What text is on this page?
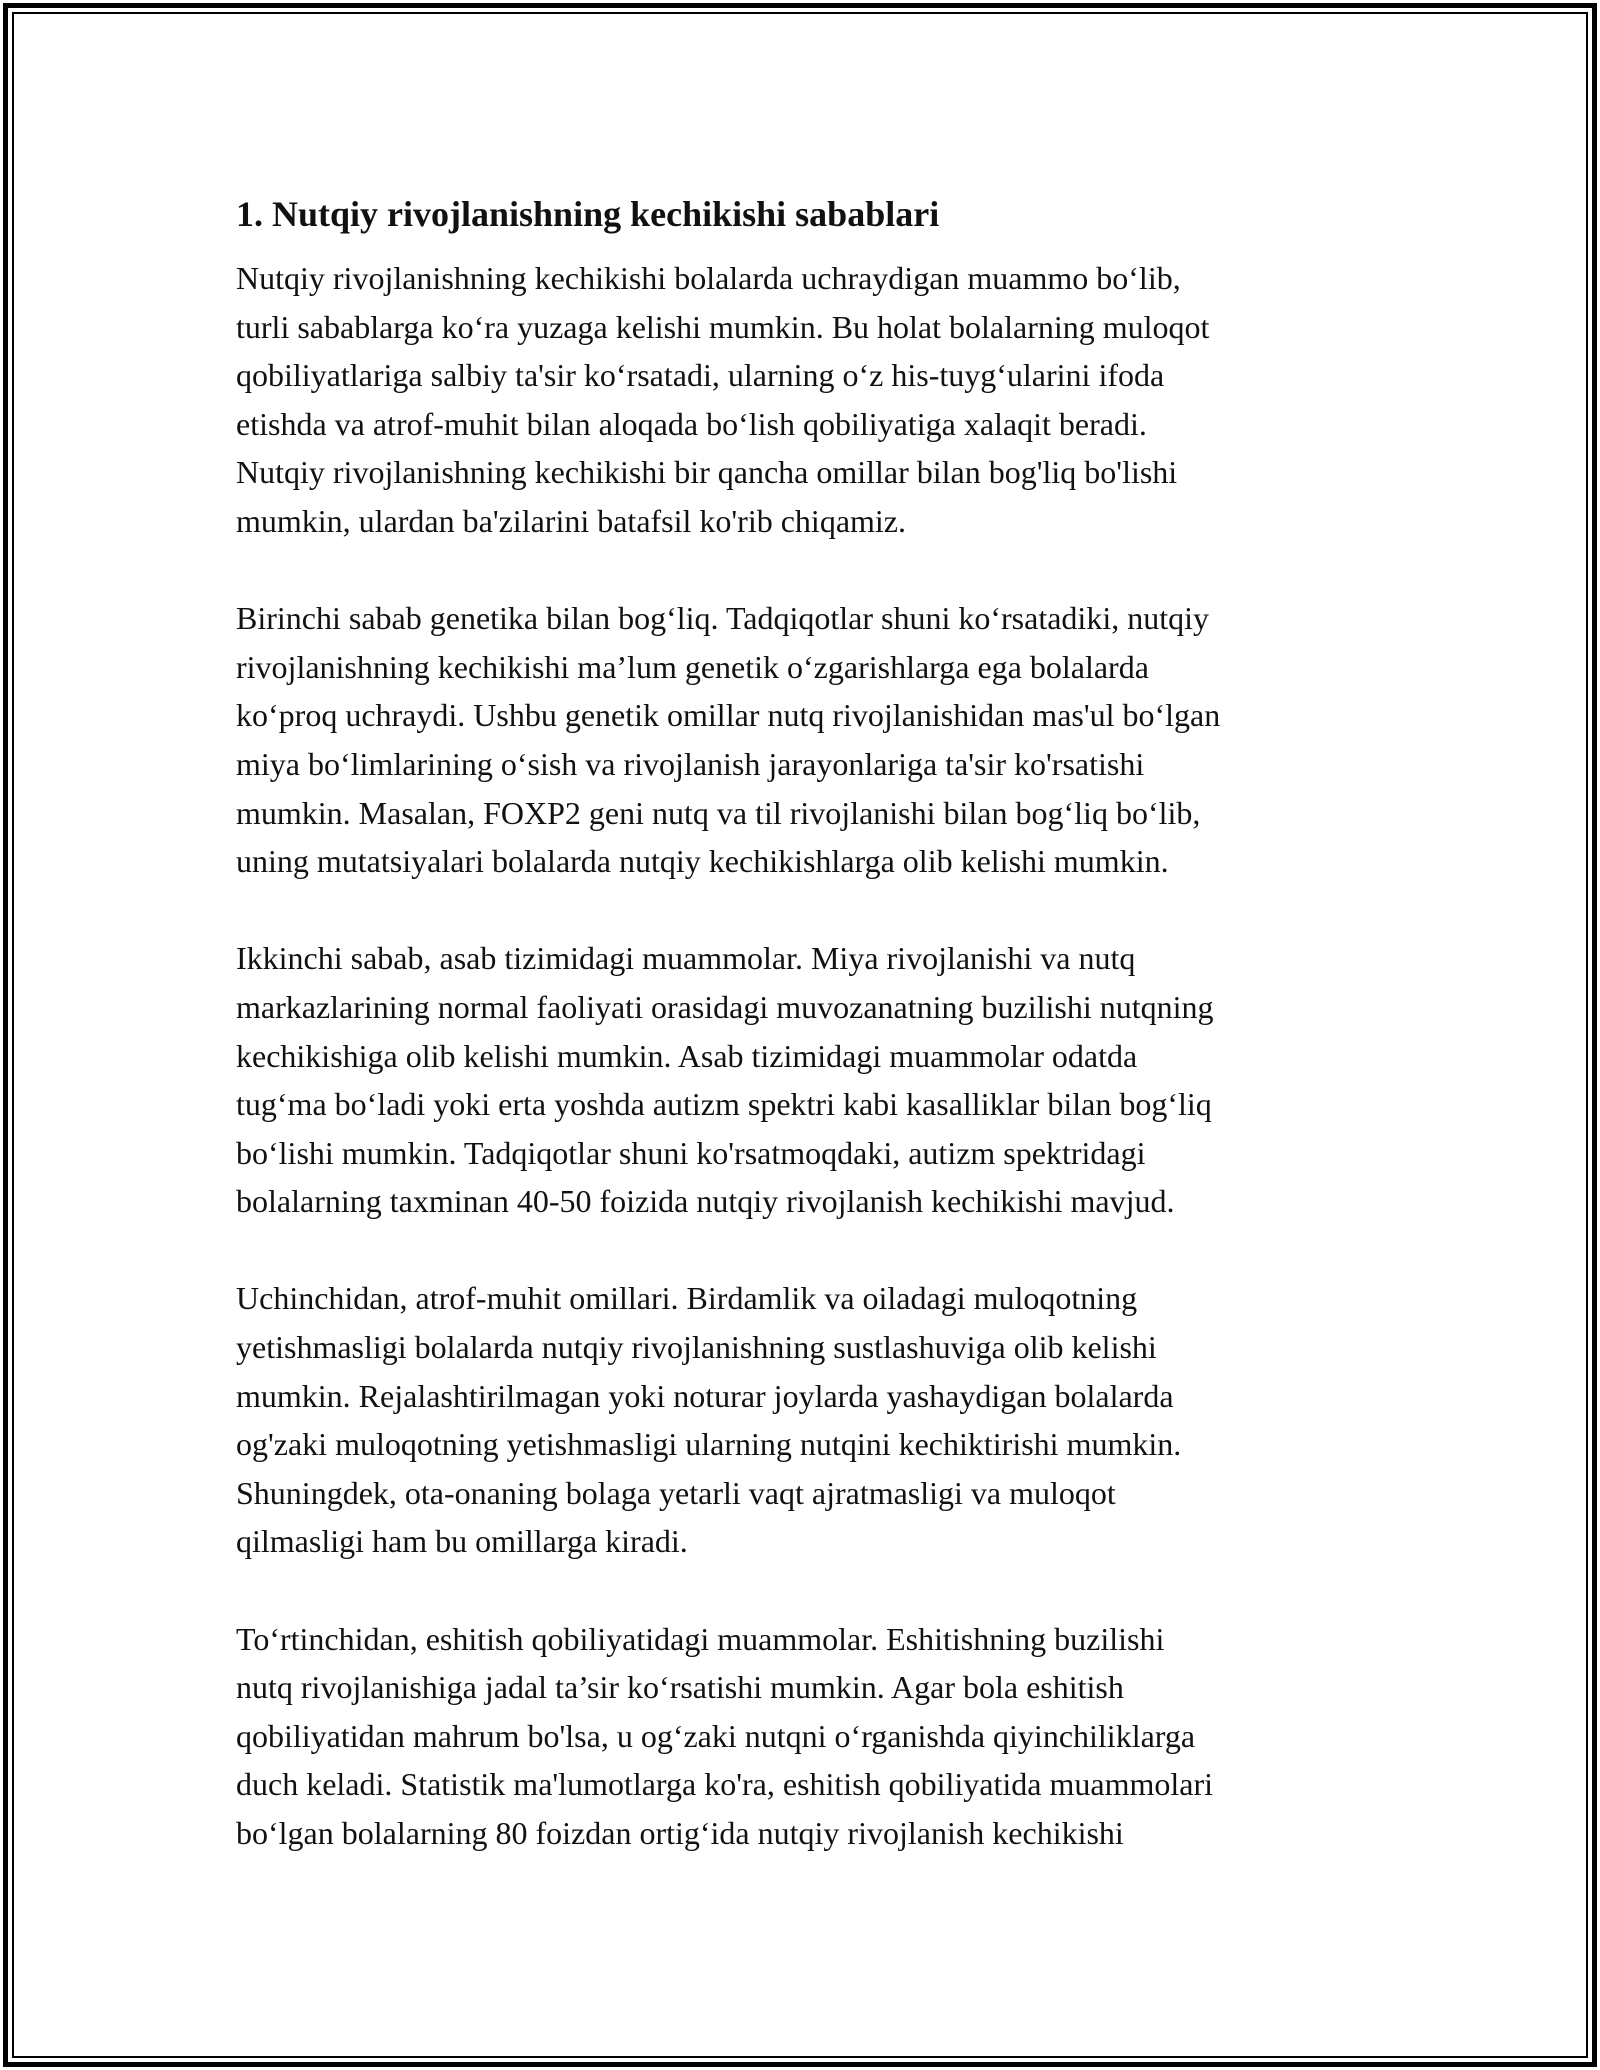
1. Nutqiy rivojlanishning kechikishi sabablari

Nutqiy rivojlanishning kechikishi bolalarda uchraydigan muammo bo‘lib,
turli sabablarga ko‘ra yuzaga kelishi mumkin. Bu holat bolalarning muloqot
qobiliyatlariga salbiy ta'sir ko‘rsatadi, ularning o‘z his-tuyg‘ularini ifoda
etishda va atrof-muhit bilan aloqada bo‘lish qobiliyatiga xalaqit beradi.
Nutqiy rivojlanishning kechikishi bir qancha omillar bilan bog'liq bo'lishi
mumkin, ulardan ba'zilarini batafsil ko'rib chiqamiz.

Birinchi sabab genetika bilan bog‘liq. Tadqiqotlar shuni ko‘rsatadiki, nutqiy
rivojlanishning kechikishi ma’lum genetik o‘zgarishlarga ega bolalarda
ko‘proq uchraydi. Ushbu genetik omillar nutq rivojlanishidan mas'ul bo‘lgan
miya bo‘limlarining o‘sish va rivojlanish jarayonlariga ta'sir ko'rsatishi
mumkin. Masalan, FOXP2 geni nutq va til rivojlanishi bilan bog‘liq bo‘lib,
uning mutatsiyalari bolalarda nutqiy kechikishlarga olib kelishi mumkin.

Ikkinchi sabab, asab tizimidagi muammolar. Miya rivojlanishi va nutq
markazlarining normal faoliyati orasidagi muvozanatning buzilishi nutqning
kechikishiga olib kelishi mumkin. Asab tizimidagi muammolar odatda
tug‘ma bo‘ladi yoki erta yoshda autizm spektri kabi kasalliklar bilan bog‘liq
bo‘lishi mumkin. Tadqiqotlar shuni ko'rsatmoqdaki, autizm spektridagi
bolalarning taxminan 40-50 foizida nutqiy rivojlanish kechikishi mavjud.

Uchinchidan, atrof-muhit omillari. Birdamlik va oiladagi muloqotning
yetishmasligi bolalarda nutqiy rivojlanishning sustlashuviga olib kelishi
mumkin. Rejalashtirilmagan yoki noturar joylarda yashaydigan bolalarda
og'zaki muloqotning yetishmasligi ularning nutqini kechiktirishi mumkin.
Shuningdek, ota-onaning bolaga yetarli vaqt ajratmasligi va muloqot
qilmasligi ham bu omillarga kiradi.

To‘rtinchidan, eshitish qobiliyatidagi muammolar. Eshitishning buzilishi
nutq rivojlanishiga jadal ta’sir ko‘rsatishi mumkin. Agar bola eshitish
qobiliyatidan mahrum bo'lsa, u og‘zaki nutqni o‘rganishda qiyinchiliklarga
duch keladi. Statistik ma'lumotlarga ko'ra, eshitish qobiliyatida muammolari
bo‘lgan bolalarning 80 foizdan ortig‘ida nutqiy rivojlanish kechikishi
